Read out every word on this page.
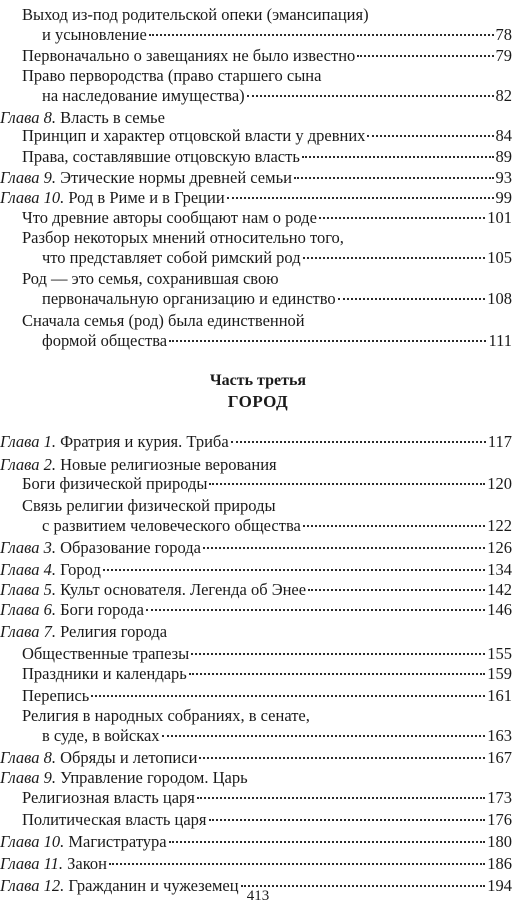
Выход из-под родительской опеки (эмансипация)
и усыновление	78
Первоначально о завещаниях не было известно	79
Право первородства (право старшего сына
на наследование имущества)	82
Глава 8. Власть в семье
Принцип и характер отцовской власти у древних	84
Права, составлявшие отцовскую власть	89
Глава 9. Этические нормы древней семьи	93
Глава 10. Род в Риме и в Греции	99
Что древние авторы сообщают нам о роде	101
Разбор некоторых мнений относительно того,
что представляет собой римский род	105
Род — это семья, сохранившая свою
первоначальную организацию и единство	108
Сначала семья (род) была единственной
формой общества	111
Часть третья
ГОРОД
Глава 1. Фратрия и курия. Триба	117
Глава 2. Новые религиозные верования
Боги физической природы	120
Связь религии физической природы
с развитием человеческого общества	122
Глава 3. Образование города	126
Глава 4. Город	134
Глава 5. Культ основателя. Легенда об Энее	142
Глава 6. Боги города	146
Глава 7. Религия города
Общественные трапезы	155
Праздники и календарь	159
Перепись	161
Религия в народных собраниях, в сенате,
в суде, в войсках	163
Глава 8. Обряды и летописи	167
Глава 9. Управление городом. Царь
Религиозная власть царя	173
Политическая власть царя	176
Глава 10. Магистратура	180
Глава 11. Закон	186
Глава 12. Гражданин и чужеземец	194
413
